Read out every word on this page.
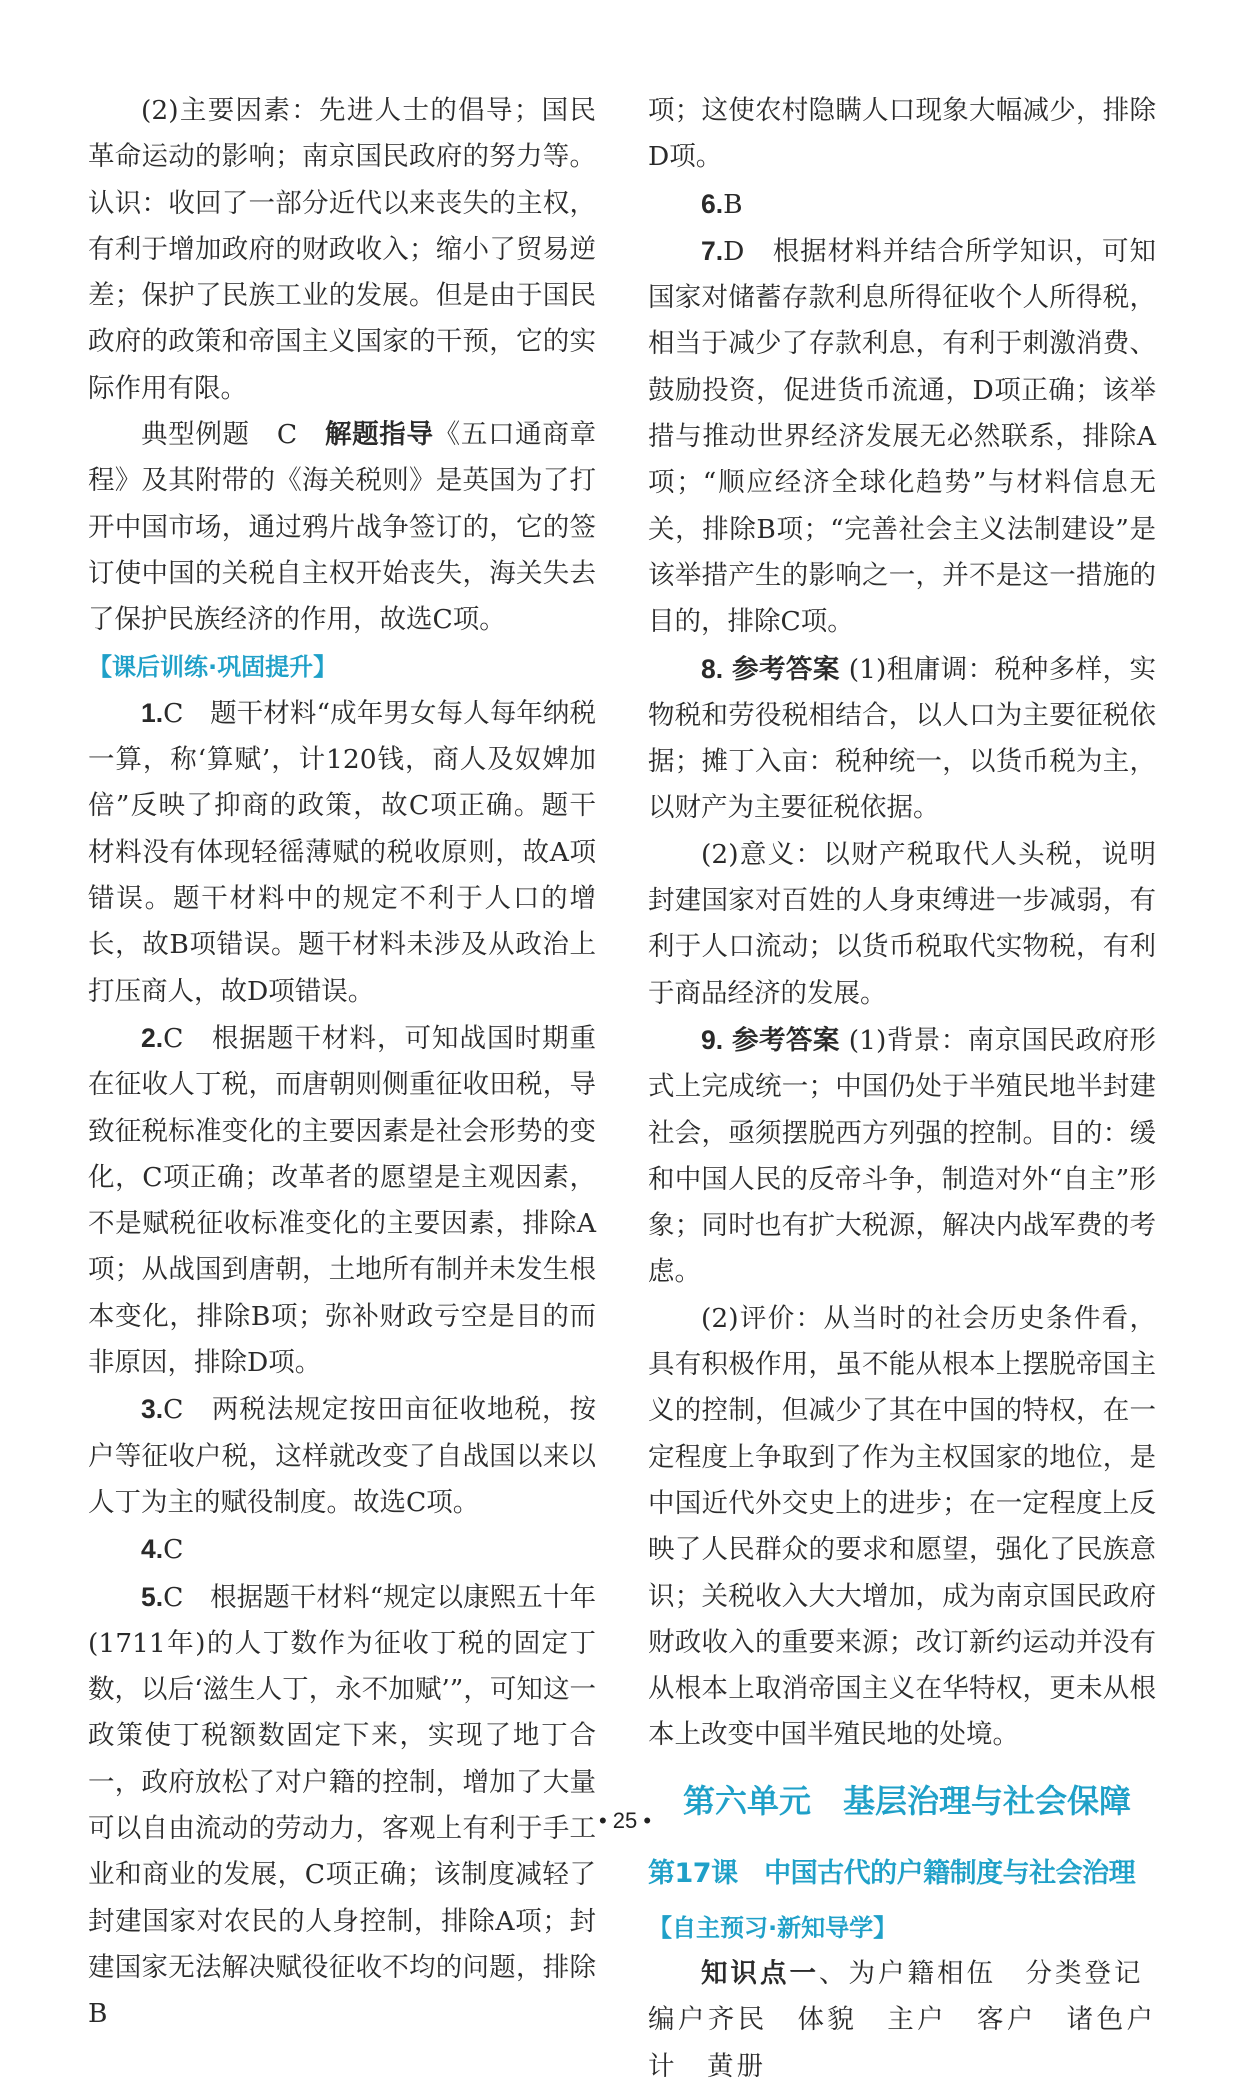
(2)主要因素：先进人士的倡导；国民革命运动的影响；南京国民政府的努力等。认识：收回了一部分近代以来丧失的主权，有利于增加政府的财政收入；缩小了贸易逆差；保护了民族工业的发展。但是由于国民政府的政策和帝国主义国家的干预，它的实际作用有限。

典型例题　C　解题指导《五口通商章程》及其附带的《海关税则》是英国为了打开中国市场，通过鸦片战争签订的，它的签订使中国的关税自主权开始丧失，海关失去了保护民族经济的作用，故选C项。

【课后训练·巩固提升】

1.C　题干材料“成年男女每人每年纳税一算，称‘算赋’，计120钱，商人及奴婢加倍”反映了抑商的政策，故C项正确。题干材料没有体现轻徭薄赋的税收原则，故A项错误。题干材料中的规定不利于人口的增长，故B项错误。题干材料未涉及从政治上打压商人，故D项错误。

2.C　根据题干材料，可知战国时期重在征收人丁税，而唐朝则侧重征收田税，导致征税标准变化的主要因素是社会形势的变化，C项正确；改革者的愿望是主观因素，不是赋税征收标准变化的主要因素，排除A项；从战国到唐朝，土地所有制并未发生根本变化，排除B项；弥补财政亏空是目的而非原因，排除D项。

3.C　两税法规定按田亩征收地税，按户等征收户税，这样就改变了自战国以来以人丁为主的赋役制度。故选C项。

4.C

5.C　根据题干材料“规定以康熙五十年(1711年)的人丁数作为征收丁税的固定丁数，以后‘滋生人丁，永不加赋’”，可知这一政策使丁税额数固定下来，实现了地丁合一，政府放松了对户籍的控制，增加了大量可以自由流动的劳动力，客观上有利于手工业和商业的发展，C项正确；该制度减轻了封建国家对农民的人身控制，排除A项；封建国家无法解决赋役征收不均的问题，排除B

项；这使农村隐瞒人口现象大幅减少，排除D项。

6.B

7.D　根据材料并结合所学知识，可知国家对储蓄存款利息所得征收个人所得税，相当于减少了存款利息，有利于刺激消费、鼓励投资，促进货币流通，D项正确；该举措与推动世界经济发展无必然联系，排除A项；“顺应经济全球化趋势”与材料信息无关，排除B项；“完善社会主义法制建设”是该举措产生的影响之一，并不是这一措施的目的，排除C项。

8. 参考答案 (1)租庸调：税种多样，实物税和劳役税相结合，以人口为主要征税依据；摊丁入亩：税种统一，以货币税为主，以财产为主要征税依据。

(2)意义：以财产税取代人头税，说明封建国家对百姓的人身束缚进一步减弱，有利于人口流动；以货币税取代实物税，有利于商品经济的发展。

9. 参考答案 (1)背景：南京国民政府形式上完成统一；中国仍处于半殖民地半封建社会，亟须摆脱西方列强的控制。目的：缓和中国人民的反帝斗争，制造对外“自主”形象；同时也有扩大税源，解决内战军费的考虑。

(2)评价：从当时的社会历史条件看，具有积极作用，虽不能从根本上摆脱帝国主义的控制，但减少了其在中国的特权，在一定程度上争取到了作为主权国家的地位，是中国近代外交史上的进步；在一定程度上反映了人民群众的要求和愿望，强化了民族意识；关税收入大大增加，成为南京国民政府财政收入的重要来源；改订新约运动并没有从根本上取消帝国主义在华特权，更未从根本上改变中国半殖民地的处境。

第六单元　基层治理与社会保障
第17课　中国古代的户籍制度与社会治理
【自主预习·新知导学】

知识点一、为户籍相伍　分类登记

编户齐民　体貌　主户　客户　诸色户计　黄册

• 25 •
